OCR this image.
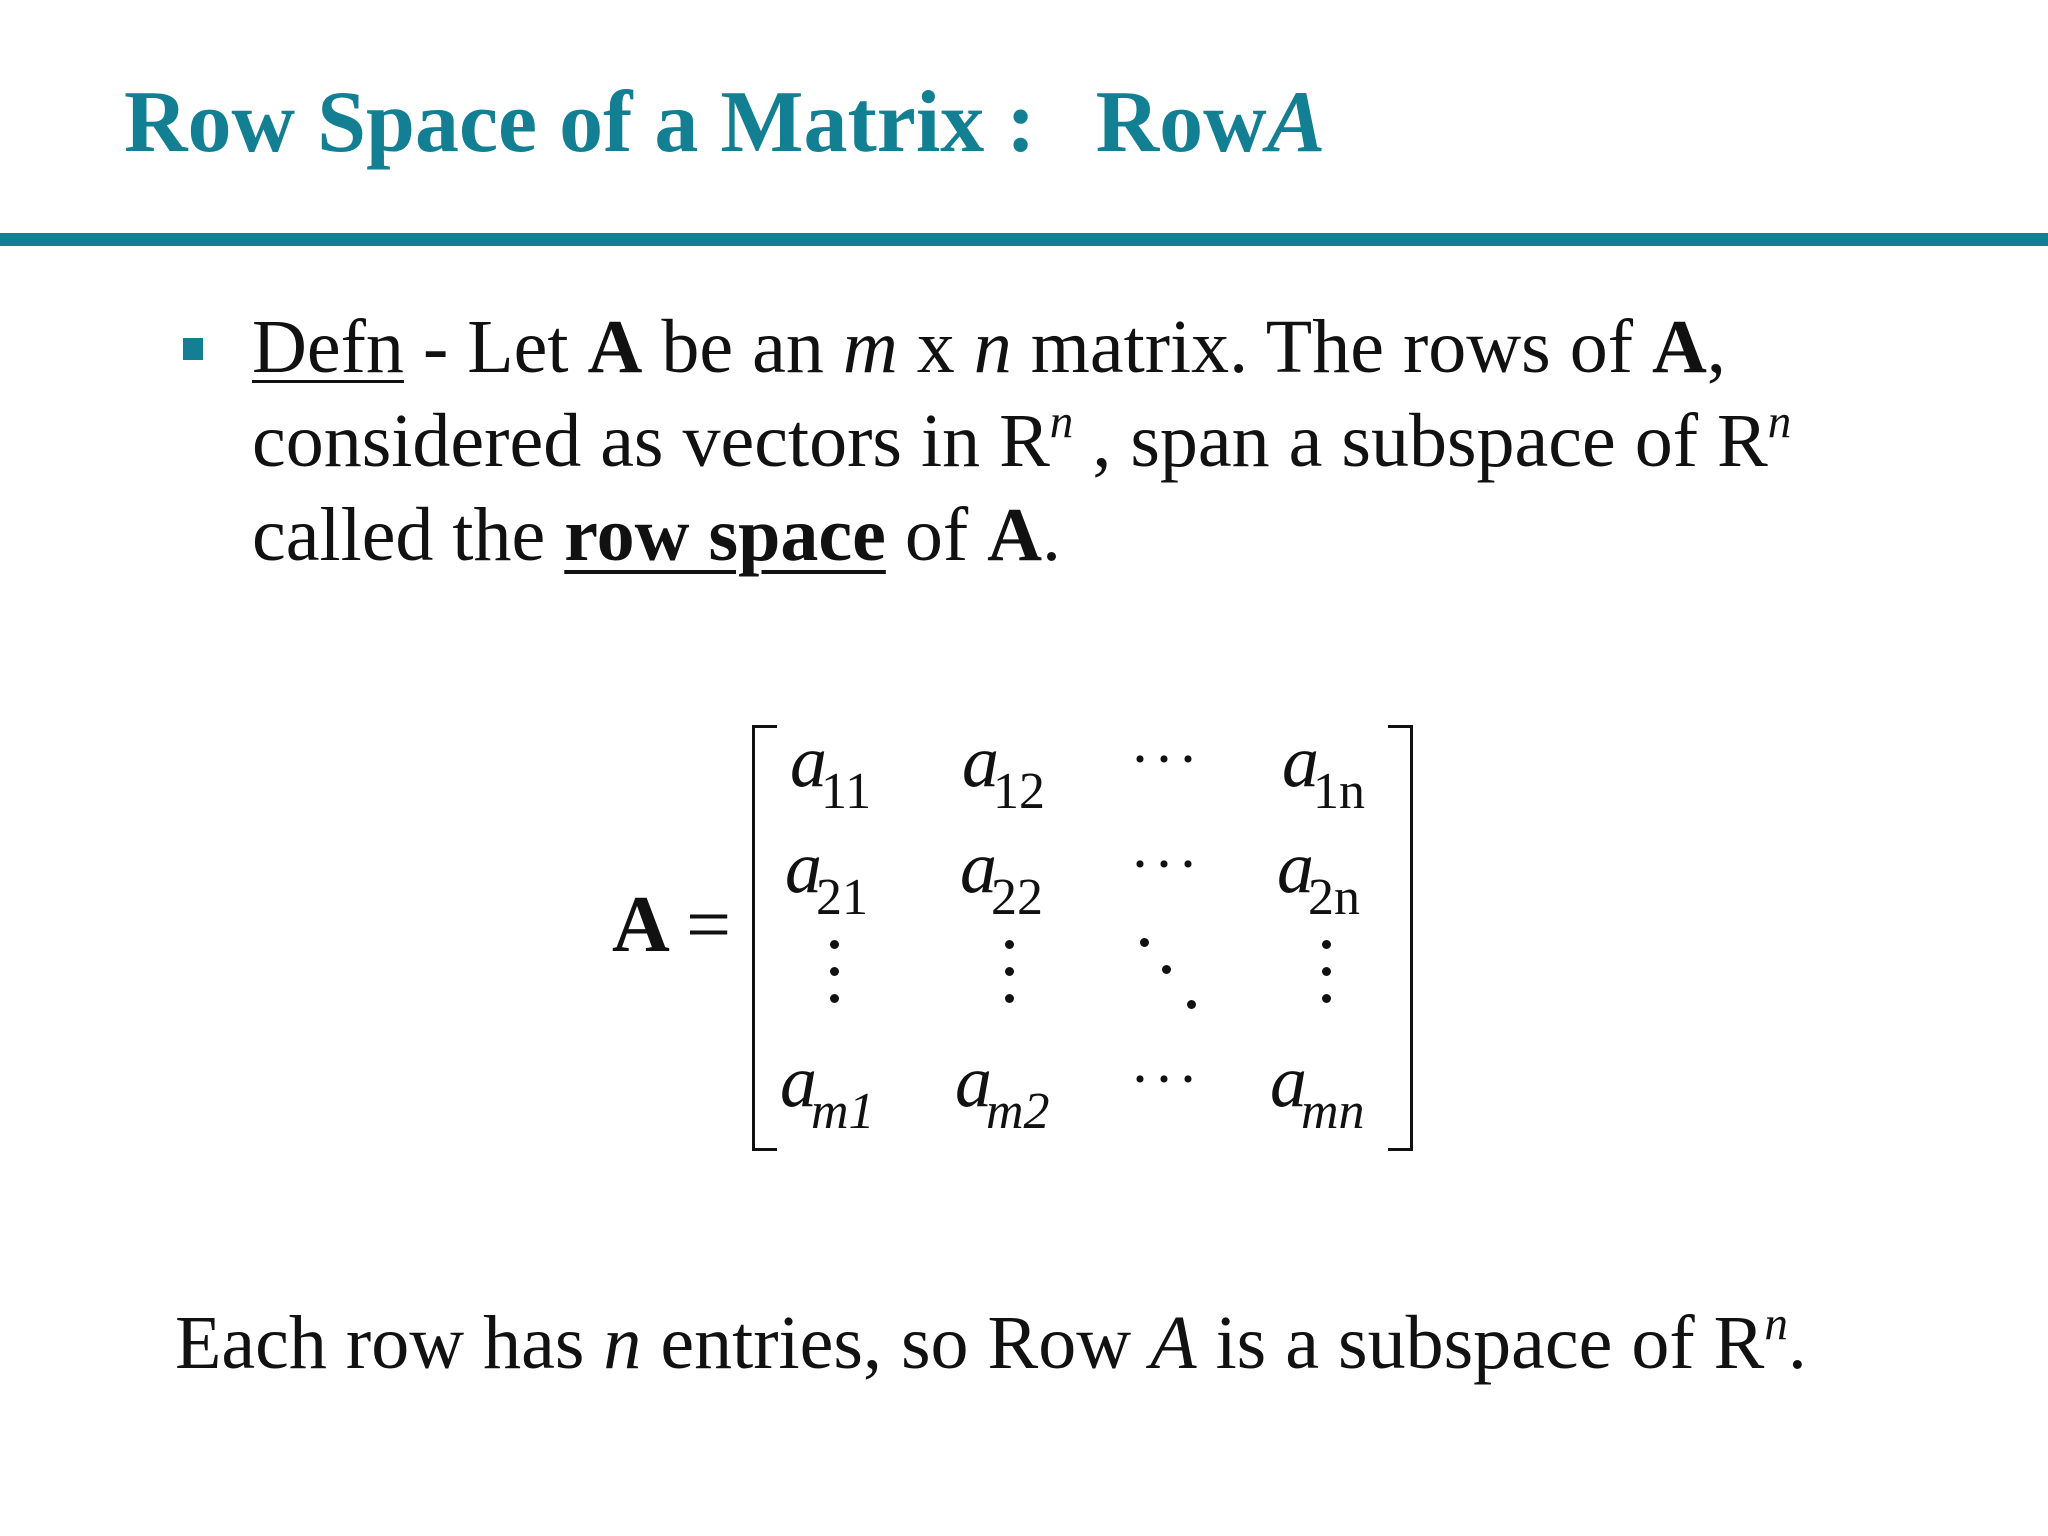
Row Space of a Matrix : RowA
Defn - Let A be an m x n matrix. The rows of A,
considered as vectors in $R^n$ , span a subspace of $R^n$
called the row space of A.
A =
$a_{11}$ $a_{12}$ ··· $a_{1n}$
$a_{21}$ $a_{22}$
··· $a_{2n}$
$a_{m1}$ $a_{m2}$ ··· $a_{mn}$
Each row has n entries, so Row A is a subspace of $R^n$.
